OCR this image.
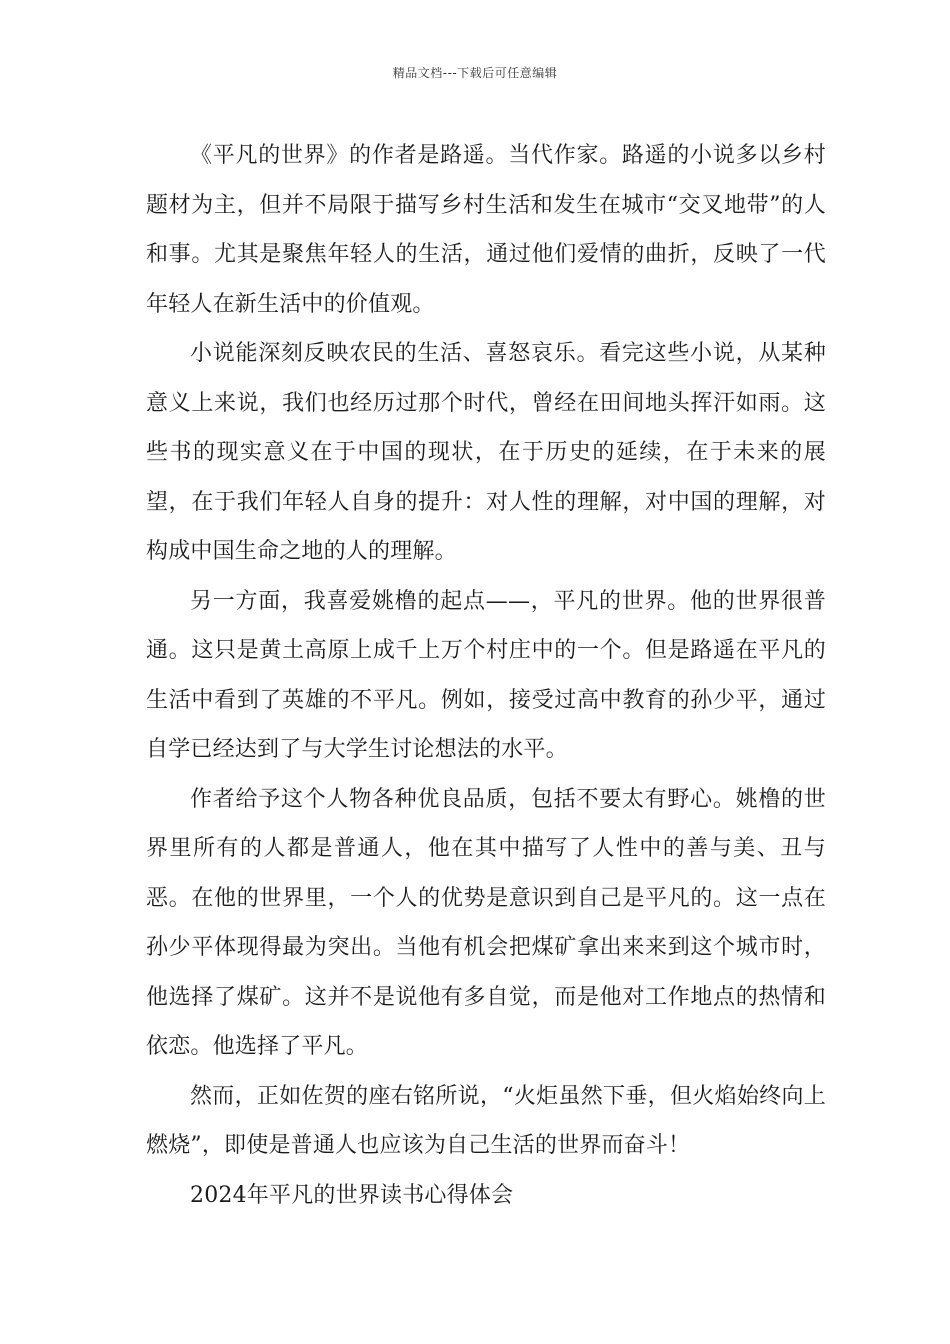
精品文档---下载后可任意编辑

《平凡的世界》的作者是路遥。当代作家。路遥的小说多以乡村题材为主，但并不局限于描写乡村生活和发生在城市“交叉地带”的人和事。尤其是聚焦年轻人的生活，通过他们爱情的曲折，反映了一代年轻人在新生活中的价值观。

小说能深刻反映农民的生活、喜怒哀乐。看完这些小说，从某种意义上来说，我们也经历过那个时代，曾经在田间地头挥汗如雨。这些书的现实意义在于中国的现状，在于历史的延续，在于未来的展望，在于我们年轻人自身的提升：对人性的理解，对中国的理解，对构成中国生命之地的人的理解。

另一方面，我喜爱姚橹的起点——，平凡的世界。他的世界很普通。这只是黄土高原上成千上万个村庄中的一个。但是路遥在平凡的生活中看到了英雄的不平凡。例如，接受过高中教育的孙少平，通过自学已经达到了与大学生讨论想法的水平。

作者给予这个人物各种优良品质，包括不要太有野心。姚橹的世界里所有的人都是普通人，他在其中描写了人性中的善与美、丑与恶。在他的世界里，一个人的优势是意识到自己是平凡的。这一点在孙少平体现得最为突出。当他有机会把煤矿拿出来来到这个城市时，他选择了煤矿。这并不是说他有多自觉，而是他对工作地点的热情和依恋。他选择了平凡。

然而，正如佐贺的座右铭所说，“火炬虽然下垂，但火焰始终向上燃烧”，即使是普通人也应该为自己生活的世界而奋斗！

2024年平凡的世界读书心得体会
